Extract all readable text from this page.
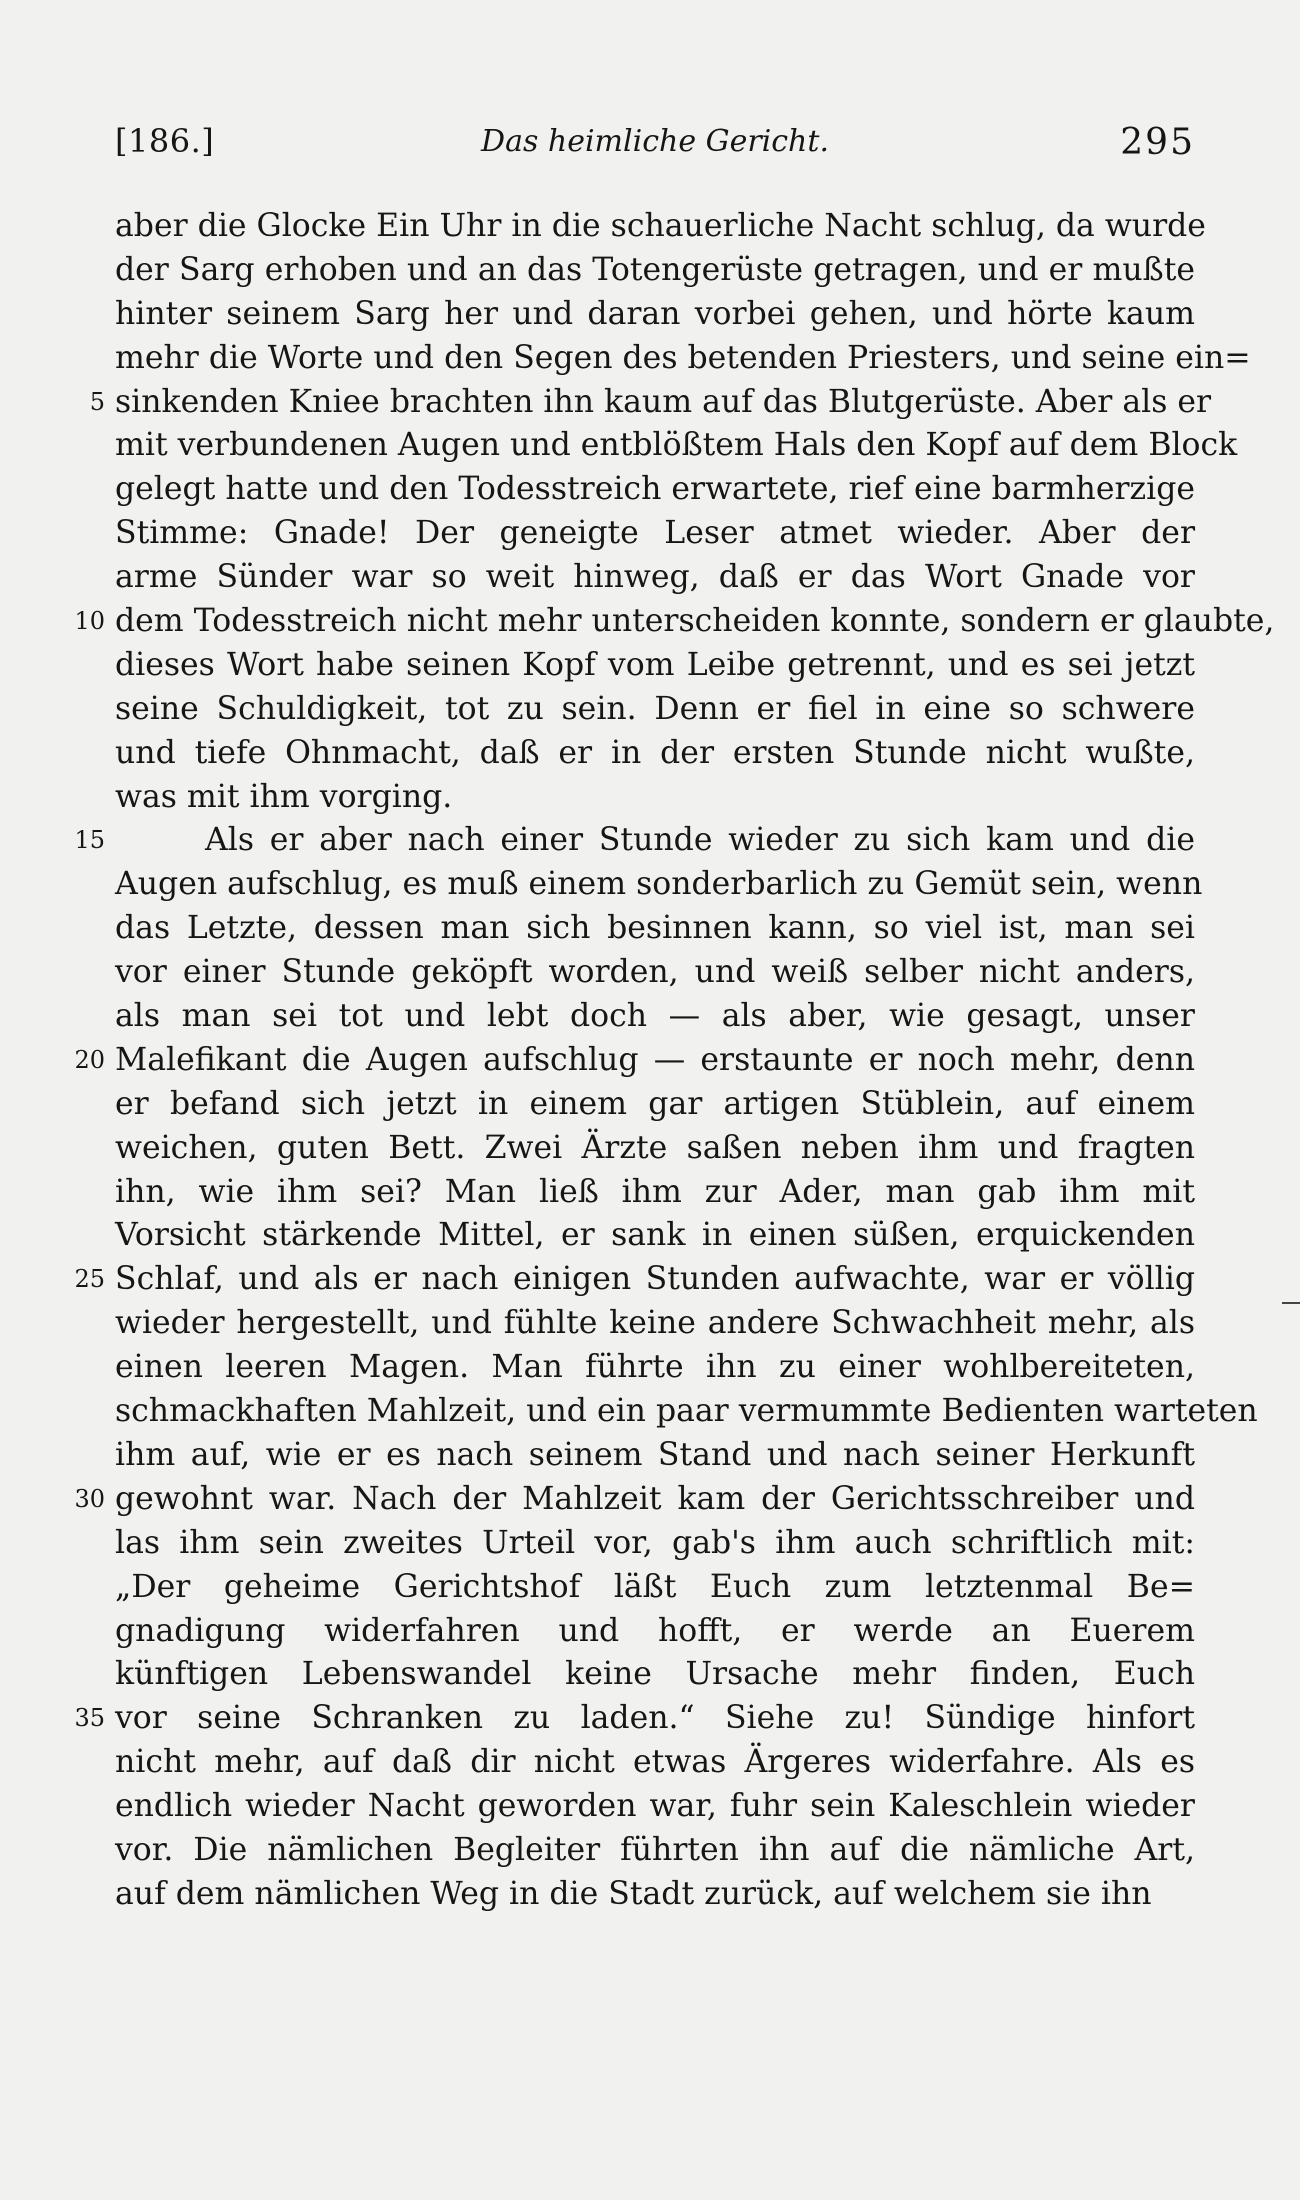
[186.]	Das heimliche Gericht.	295
aber die Glocke Ein Uhr in die schauerliche Nacht schlug, da wurde
der Sarg erhoben und an das Totengerüste getragen, und er mußte
hinter seinem Sarg her und daran vorbei gehen, und hörte kaum
mehr die Worte und den Segen des betenden Priesters, und seine ein=
5 sinkenden Kniee brachten ihn kaum auf das Blutgerüste. Aber als er
mit verbundenen Augen und entblößtem Hals den Kopf auf dem Block
gelegt hatte und den Todesstreich erwartete, rief eine barmherzige
Stimme: Gnade! Der geneigte Leser atmet wieder. Aber der
arme Sünder war so weit hinweg, daß er das Wort Gnade vor
10 dem Todesstreich nicht mehr unterscheiden konnte, sondern er glaubte,
dieses Wort habe seinen Kopf vom Leibe getrennt, und es sei jetzt
seine Schuldigkeit, tot zu sein. Denn er fiel in eine so schwere
und tiefe Ohnmacht, daß er in der ersten Stunde nicht wußte,
was mit ihm vorging.
15	Als er aber nach einer Stunde wieder zu sich kam und die
Augen aufschlug, es muß einem sonderbarlich zu Gemüt sein, wenn
das Letzte, dessen man sich besinnen kann, so viel ist, man sei
vor einer Stunde geköpft worden, und weiß selber nicht anders,
als man sei tot und lebt doch — als aber, wie gesagt, unser
20 Malefikant die Augen aufschlug — erstaunte er noch mehr, denn
er befand sich jetzt in einem gar artigen Stüblein, auf einem
weichen, guten Bett. Zwei Ärzte saßen neben ihm und fragten
ihn, wie ihm sei? Man ließ ihm zur Ader, man gab ihm mit
Vorsicht stärkende Mittel, er sank in einen süßen, erquickenden
25 Schlaf, und als er nach einigen Stunden aufwachte, war er völlig
wieder hergestellt, und fühlte keine andere Schwachheit mehr, als
einen leeren Magen. Man führte ihn zu einer wohlbereiteten,
schmackhaften Mahlzeit, und ein paar vermummte Bedienten warteten
ihm auf, wie er es nach seinem Stand und nach seiner Herkunft
30 gewohnt war. Nach der Mahlzeit kam der Gerichtsschreiber und
las ihm sein zweites Urteil vor, gab's ihm auch schriftlich mit:
„Der geheime Gerichtshof läßt Euch zum letztenmal Be=
gnadigung widerfahren und hofft, er werde an Euerem
künftigen Lebenswandel keine Ursache mehr finden, Euch
35 vor seine Schranken zu laden.“ Siehe zu! Sündige hinfort
nicht mehr, auf daß dir nicht etwas Ärgeres widerfahre. Als es
endlich wieder Nacht geworden war, fuhr sein Kaleschlein wieder
vor. Die nämlichen Begleiter führten ihn auf die nämliche Art,
auf dem nämlichen Weg in die Stadt zurück, auf welchem sie ihn
